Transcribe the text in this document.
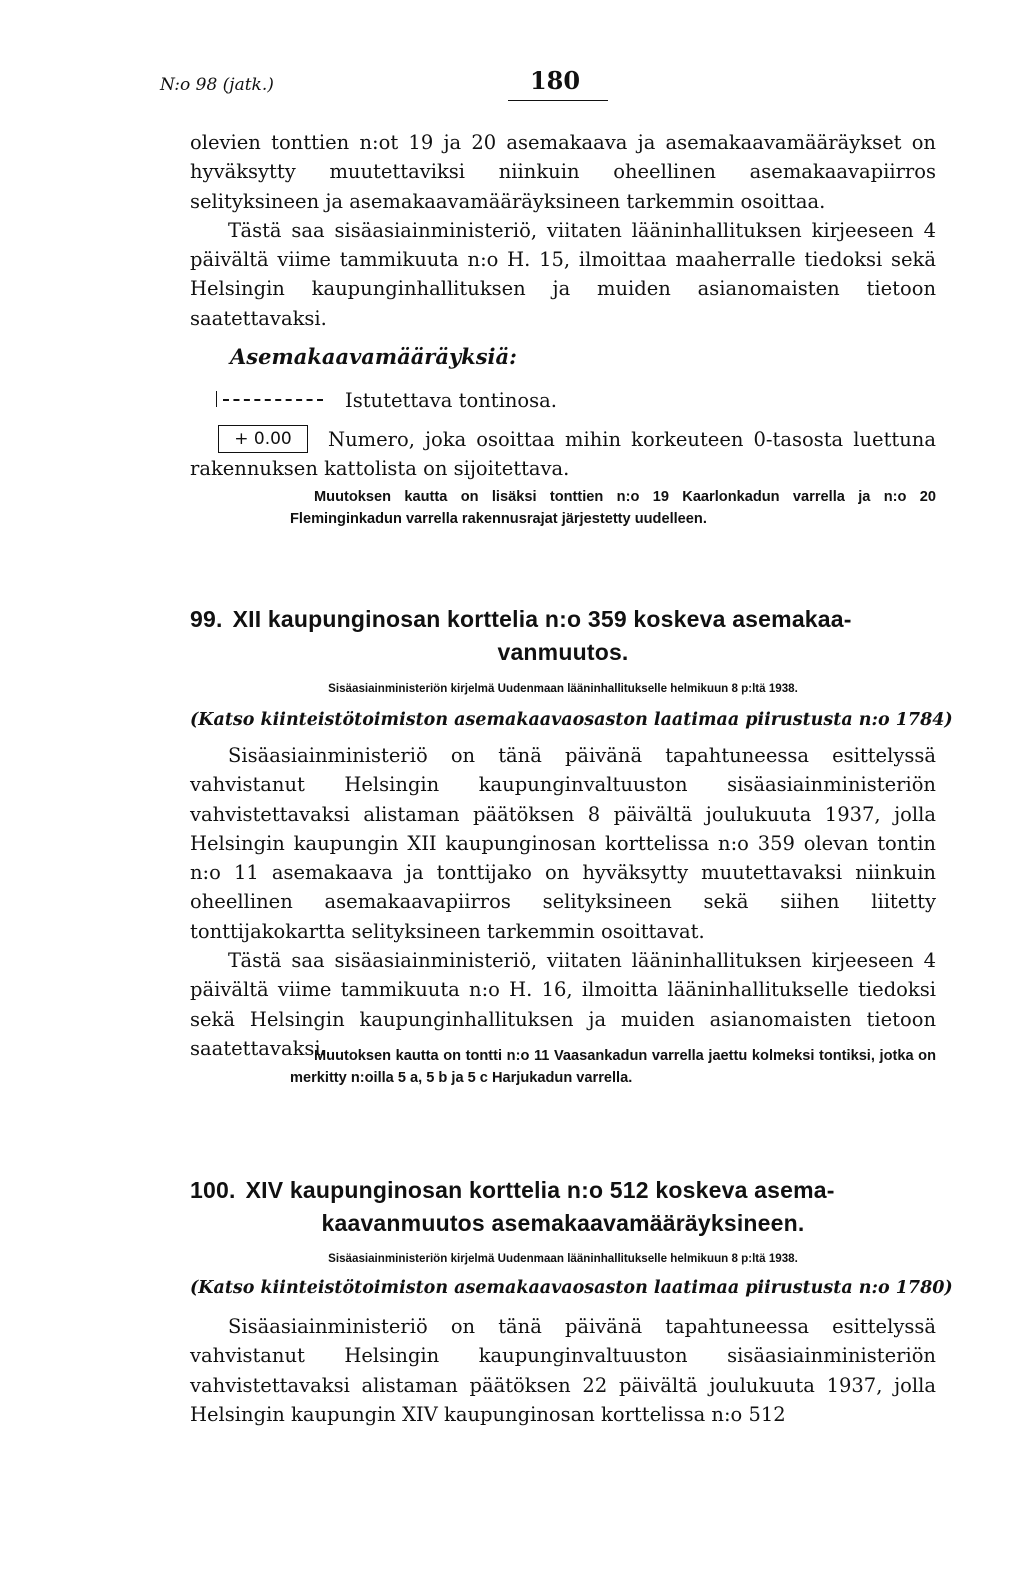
N:o 98 (jatk.)	180

olevien tonttien n:ot 19 ja 20 asemakaava ja asemakaavamääräykset on hyväksytty muutettaviksi niinkuin oheellinen asemakaavapiirros selityksineen ja asemakaavamääräyksineen tarkemmin osoittaa.

Tästä saa sisäasiainministeriö, viitaten lääninhallituksen kirjeeseen 4 päivältä viime tammikuuta n:o H. 15, ilmoittaa maaherralle tiedoksi sekä Helsingin kaupunginhallituksen ja muiden asianomaisten tietoon saatettavaksi.

Asemakaavamääräyksiä:
Istutettava tontinosa.
Numero, joka osoittaa mihin korkeuteen 0-tasosta luettuna rakennuksen kattolista on sijoitettava.
+ 0.00
Muutoksen kautta on lisäksi tonttien n:o 19 Kaarlonkadun varrella ja n:o 20 Fleminginkadun varrella rakennusrajat järjestetty uudelleen.
99. XII kaupunginosan korttelia n:o 359 koskeva asemakaa-
vanmuutos.
Sisäasiainministeriön kirjelmä Uudenmaan lääninhallitukselle helmikuun 8 p:ltä 1938.
(Katso kiinteistötoimiston asemakaavaosaston laatimaa piirustusta n:o 1784)

Sisäasiainministeriö on tänä päivänä tapahtuneessa esittelyssä vahvistanut Helsingin kaupunginvaltuuston sisäasiainministeriön vahvistettavaksi alistaman päätöksen 8 päivältä joulukuuta 1937, jolla Helsingin kaupungin XII kaupunginosan korttelissa n:o 359 olevan tontin n:o 11 asemakaava ja tonttijako on hyväksytty muutettavaksi niinkuin oheellinen asemakaavapiirros selityksineen sekä siihen liitetty tonttijakokartta selityksineen tarkemmin osoittavat.

Tästä saa sisäasiainministeriö, viitaten lääninhallituksen kirjeeseen 4 päivältä viime tammikuuta n:o H. 16, ilmoitta lääninhallitukselle tiedoksi sekä Helsingin kaupunginhallituksen ja muiden asianomaisten tietoon saatettavaksi.

Muutoksen kautta on tontti n:o 11 Vaasankadun varrella jaettu kolmeksi tontiksi, jotka on merkitty n:oilla 5 a, 5 b ja 5 c Harjukadun varrella.
100. XIV kaupunginosan korttelia n:o 512 koskeva asema-
kaavanmuutos asemakaavamääräyksineen.
Sisäasiainministeriön kirjelmä Uudenmaan lääninhallitukselle helmikuun 8 p:ltä 1938.
(Katso kiinteistötoimiston asemakaavaosaston laatimaa piirustusta n:o 1780)

Sisäasiainministeriö on tänä päivänä tapahtuneessa esittelyssä vahvistanut Helsingin kaupunginvaltuuston sisäasiainministeriön vahvistettavaksi alistaman päätöksen 22 päivältä joulukuuta 1937, jolla Helsingin kaupungin XIV kaupunginosan korttelissa n:o 512
